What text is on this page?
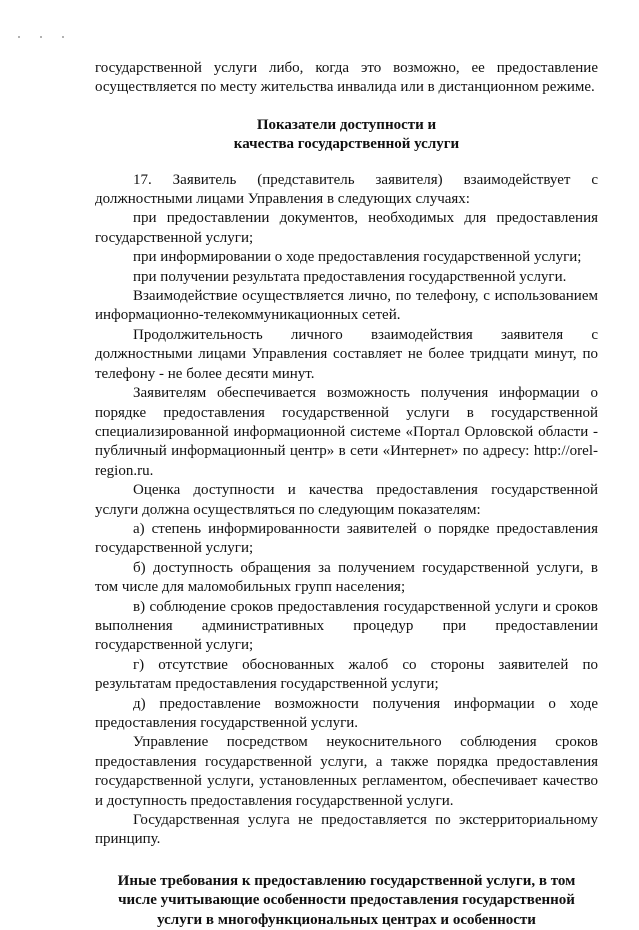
государственной услуги либо, когда это возможно, ее предоставление осуществляется по месту жительства инвалида или в дистанционном режиме.

Показатели доступности и
качества государственной услуги

17. Заявитель (представитель заявителя) взаимодействует с должностными лицами Управления в следующих случаях:

при предоставлении документов, необходимых для предоставления государственной услуги;

при информировании о ходе предоставления государственной услуги;

при получении результата предоставления государственной услуги.

Взаимодействие осуществляется лично, по телефону, с использованием информационно-телекоммуникационных сетей.

Продолжительность личного взаимодействия заявителя с должностными лицами Управления составляет не более тридцати минут, по телефону - не более десяти минут.

Заявителям обеспечивается возможность получения информации о порядке предоставления государственной услуги в государственной специализированной информационной системе «Портал Орловской области - публичный информационный центр» в сети «Интернет» по адресу: http://orel-region.ru.

Оценка доступности и качества предоставления государственной услуги должна осуществляться по следующим показателям:

а) степень информированности заявителей о порядке предоставления государственной услуги;

б) доступность обращения за получением государственной услуги, в том числе для маломобильных групп населения;

в) соблюдение сроков предоставления государственной услуги и сроков выполнения административных процедур при предоставлении государственной услуги;

г) отсутствие обоснованных жалоб со стороны заявителей по результатам предоставления государственной услуги;

д) предоставление возможности получения информации о ходе предоставления государственной услуги.

Управление посредством неукоснительного соблюдения сроков предоставления государственной услуги, а также порядка предоставления государственной услуги, установленных регламентом, обеспечивает качество и доступность предоставления государственной услуги.

Государственная услуга не предоставляется по экстерриториальному принципу.

Иные требования к предоставлению государственной услуги, в том числе учитывающие особенности предоставления государственной услуги в многофункциональных центрах и особенности
